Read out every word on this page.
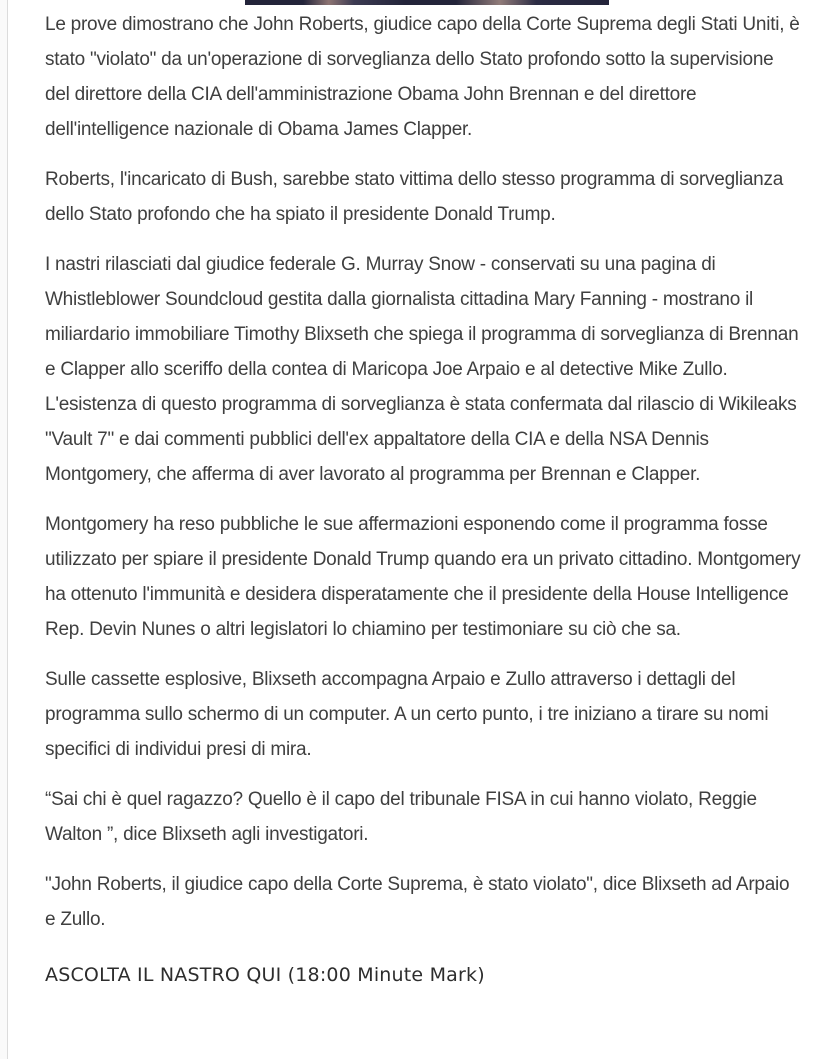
Le prove dimostrano che John Roberts, giudice capo della Corte Suprema degli Stati Uniti, è stato "violato" da un'operazione di sorveglianza dello Stato profondo sotto la supervisione del direttore della CIA dell'amministrazione Obama John Brennan e del direttore dell'intelligence nazionale di Obama James Clapper.

Roberts, l'incaricato di Bush, sarebbe stato vittima dello stesso programma di sorveglianza dello Stato profondo che ha spiato il presidente Donald Trump.

I nastri rilasciati dal giudice federale G. Murray Snow - conservati su una pagina di Whistleblower Soundcloud gestita dalla giornalista cittadina Mary Fanning - mostrano il miliardario immobiliare Timothy Blixseth che spiega il programma di sorveglianza di Brennan e Clapper allo sceriffo della contea di Maricopa Joe Arpaio e al detective Mike Zullo. L'esistenza di questo programma di sorveglianza è stata confermata dal rilascio di Wikileaks "Vault 7" e dai commenti pubblici dell'ex appaltatore della CIA e della NSA Dennis Montgomery, che afferma di aver lavorato al programma per Brennan e Clapper.

Montgomery ha reso pubbliche le sue affermazioni esponendo come il programma fosse utilizzato per spiare il presidente Donald Trump quando era un privato cittadino. Montgomery ha ottenuto l'immunità e desidera disperatamente che il presidente della House Intelligence Rep. Devin Nunes o altri legislatori lo chiamino per testimoniare su ciò che sa.

Sulle cassette esplosive, Blixseth accompagna Arpaio e Zullo attraverso i dettagli del programma sullo schermo di un computer. A un certo punto, i tre iniziano a tirare su nomi specifici di individui presi di mira.

“Sai chi è quel ragazzo? Quello è il capo del tribunale FISA in cui hanno violato, Reggie Walton ”, dice Blixseth agli investigatori.

"John Roberts, il giudice capo della Corte Suprema, è stato violato", dice Blixseth ad Arpaio e Zullo.

ASCOLTA IL NASTRO QUI (18:00 Minute Mark)
